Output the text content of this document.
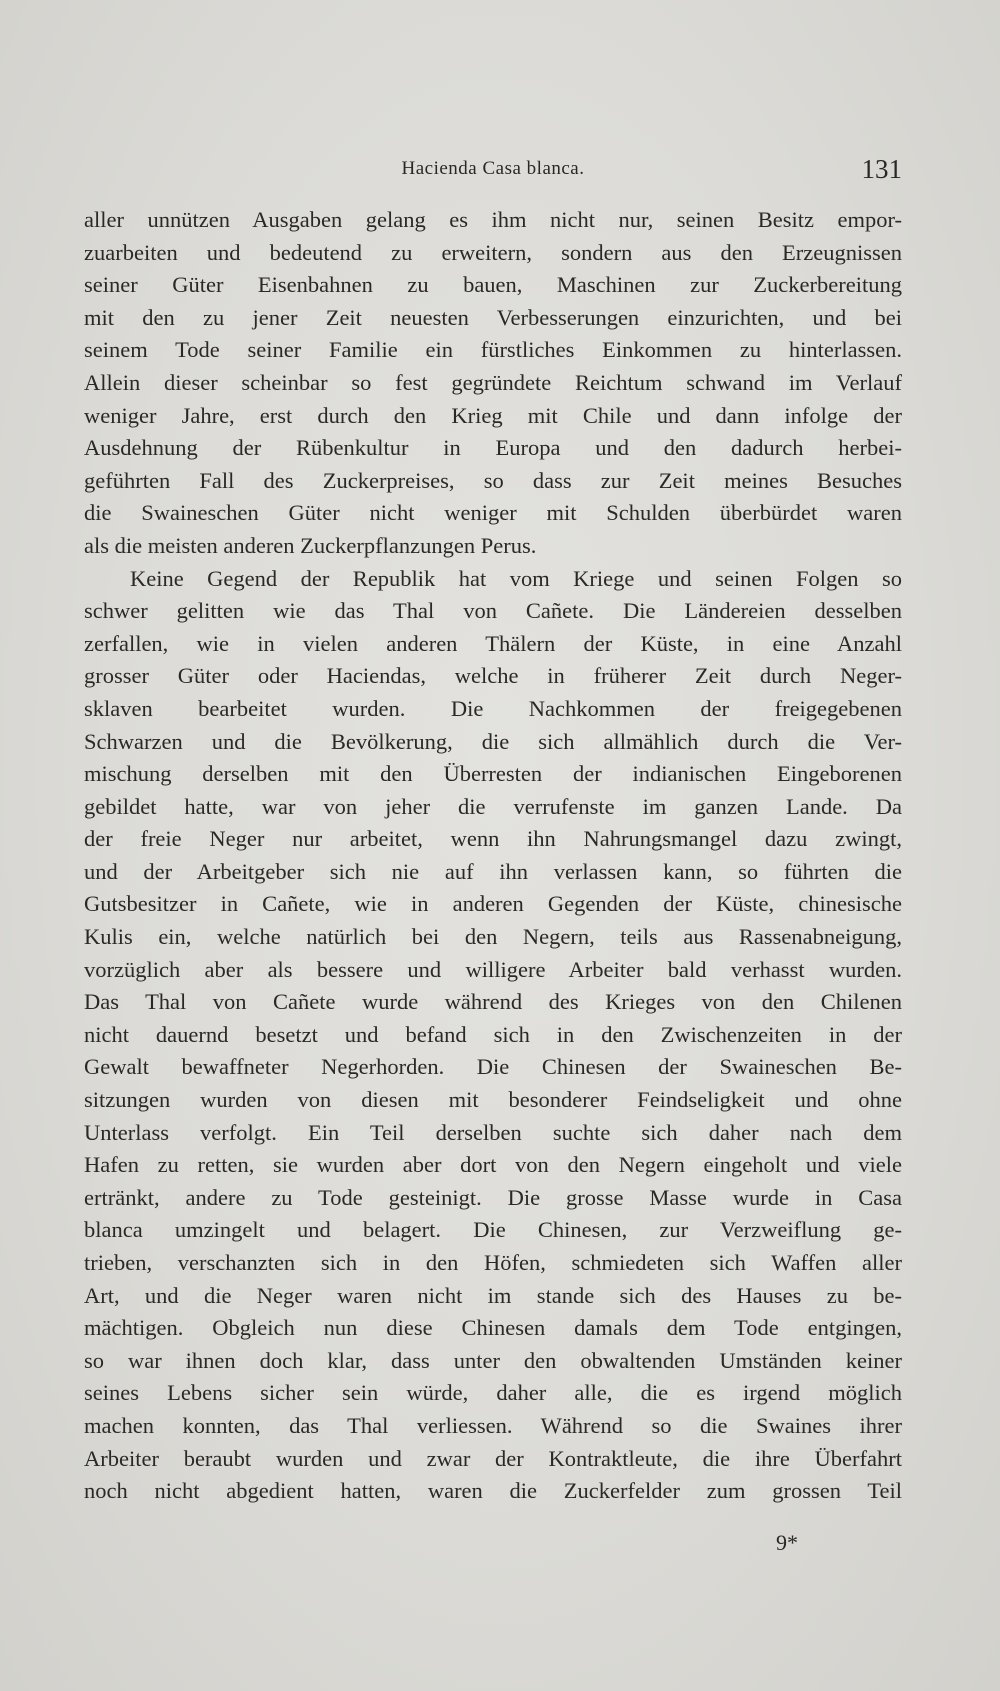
Hacienda Casa blanca.	131
aller unnützen Ausgaben gelang es ihm nicht nur, seinen Besitz empor-
zuarbeiten und bedeutend zu erweitern, sondern aus den Erzeugnissen
seiner Güter Eisenbahnen zu bauen, Maschinen zur Zuckerbereitung
mit den zu jener Zeit neuesten Verbesserungen einzurichten, und bei
seinem Tode seiner Familie ein fürstliches Einkommen zu hinterlassen.
Allein dieser scheinbar so fest gegründete Reichtum schwand im Verlauf
weniger Jahre, erst durch den Krieg mit Chile und dann infolge der
Ausdehnung der Rübenkultur in Europa und den dadurch herbei-
geführten Fall des Zuckerpreises, so dass zur Zeit meines Besuches
die Swaineschen Güter nicht weniger mit Schulden überbürdet waren
als die meisten anderen Zuckerpflanzungen Perus.
Keine Gegend der Republik hat vom Kriege und seinen Folgen so
schwer gelitten wie das Thal von Cañete. Die Ländereien desselben
zerfallen, wie in vielen anderen Thälern der Küste, in eine Anzahl
grosser Güter oder Haciendas, welche in früherer Zeit durch Neger-
sklaven bearbeitet wurden. Die Nachkommen der freigegebenen
Schwarzen und die Bevölkerung, die sich allmählich durch die Ver-
mischung derselben mit den Überresten der indianischen Eingeborenen
gebildet hatte, war von jeher die verrufenste im ganzen Lande. Da
der freie Neger nur arbeitet, wenn ihn Nahrungsmangel dazu zwingt,
und der Arbeitgeber sich nie auf ihn verlassen kann, so führten die
Gutsbesitzer in Cañete, wie in anderen Gegenden der Küste, chinesische
Kulis ein, welche natürlich bei den Negern, teils aus Rassenabneigung,
vorzüglich aber als bessere und willigere Arbeiter bald verhasst wurden.
Das Thal von Cañete wurde während des Krieges von den Chilenen
nicht dauernd besetzt und befand sich in den Zwischenzeiten in der
Gewalt bewaffneter Negerhorden. Die Chinesen der Swaineschen Be-
sitzungen wurden von diesen mit besonderer Feindseligkeit und ohne
Unterlass verfolgt. Ein Teil derselben suchte sich daher nach dem
Hafen zu retten, sie wurden aber dort von den Negern eingeholt und viele
ertränkt, andere zu Tode gesteinigt. Die grosse Masse wurde in Casa
blanca umzingelt und belagert. Die Chinesen, zur Verzweiflung ge-
trieben, verschanzten sich in den Höfen, schmiedeten sich Waffen aller
Art, und die Neger waren nicht im stande sich des Hauses zu be-
mächtigen. Obgleich nun diese Chinesen damals dem Tode entgingen,
so war ihnen doch klar, dass unter den obwaltenden Umständen keiner
seines Lebens sicher sein würde, daher alle, die es irgend möglich
machen konnten, das Thal verliessen. Während so die Swaines ihrer
Arbeiter beraubt wurden und zwar der Kontraktleute, die ihre Überfahrt
noch nicht abgedient hatten, waren die Zuckerfelder zum grossen Teil
9*
